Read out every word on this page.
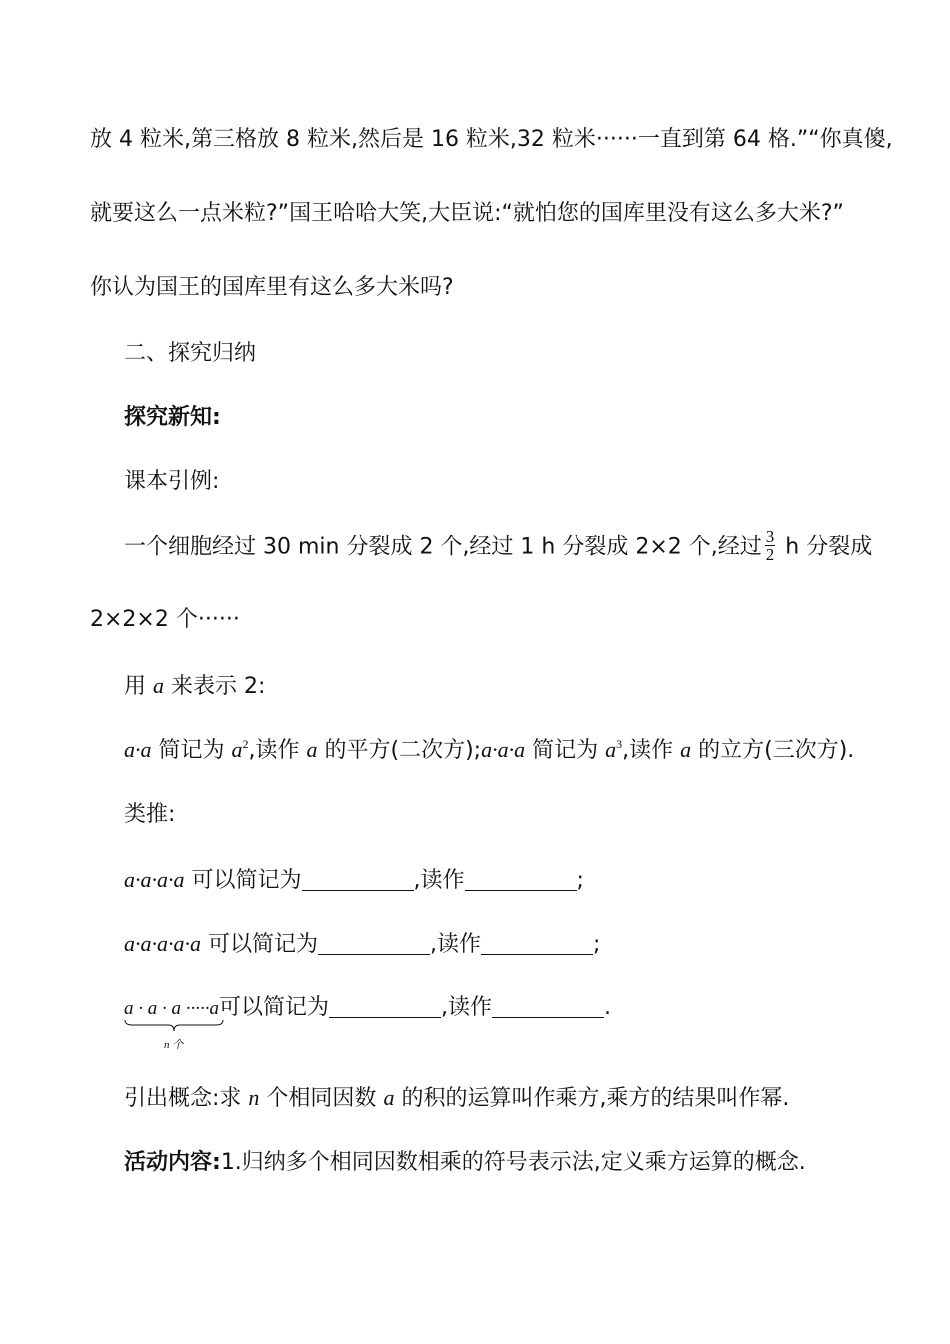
放 4 粒米,第三格放 8 粒米,然后是 16 粒米,32 粒米······一直到第 64 格.”“你真傻,
就要这么一点米粒?”国王哈哈大笑,大臣说:“就怕您的国库里没有这么多大米?”
你认为国王的国库里有这么多大米吗?
二、探究归纳
探究新知:
课本引例:
一个细胞经过 30 min 分裂成 2 个,经过 1 h 分裂成 2×2 个,经过 $\frac{3}{2}$ h 分裂成
2×2×2 个······
用 a 来表示 2:
a·a 简记为 $a^2$,读作 a 的平方(二次方);a·a·a 简记为 $a^3$,读作 a 的立方(三次方).
类推:
a·a·a·a 可以简记为	,读作	;
a·a·a·a·a 可以简记为	,读作	;
a · a · a ·····a
n 个
可以简记为	,读作	.
引出概念:求 n 个相同因数 a 的积的运算叫作乘方,乘方的结果叫作幂.
活动内容:1.归纳多个相同因数相乘的符号表示法,定义乘方运算的概念.
